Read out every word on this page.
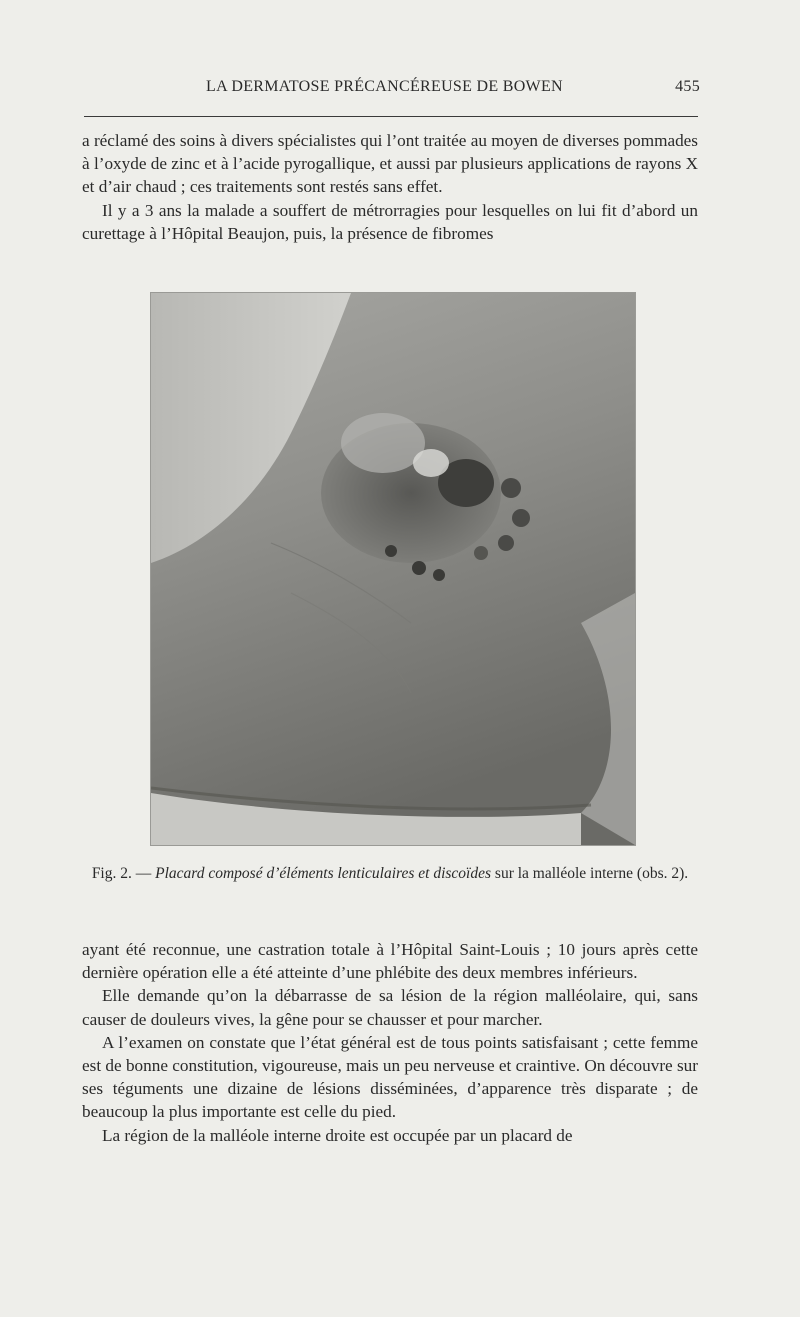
LA DERMATOSE PRÉCANCÉREUSE DE BOWEN	455

a réclamé des soins à divers spécialistes qui l’ont traitée au moyen de diverses pommades à l’oxyde de zinc et à l’acide pyrogallique, et aussi par plusieurs applications de rayons X et d’air chaud ; ces traitements sont restés sans effet.

Il y a 3 ans la malade a souffert de métrorragies pour lesquelles on lui fit d’abord un curettage à l’Hôpital Beaujon, puis, la présence de fibromes

Fig. 2. — Placard composé d’éléments lenticulaires et discoïdes sur la malléole interne (obs. 2).

ayant été reconnue, une castration totale à l’Hôpital Saint-Louis ; 10 jours après cette dernière opération elle a été atteinte d’une phlébite des deux membres inférieurs.

Elle demande qu’on la débarrasse de sa lésion de la région malléolaire, qui, sans causer de douleurs vives, la gêne pour se chausser et pour marcher.

A l’examen on constate que l’état général est de tous points satisfaisant ; cette femme est de bonne constitution, vigoureuse, mais un peu nerveuse et craintive. On découvre sur ses téguments une dizaine de lésions disséminées, d’apparence très disparate ; de beaucoup la plus importante est celle du pied.

La région de la malléole interne droite est occupée par un placard de
